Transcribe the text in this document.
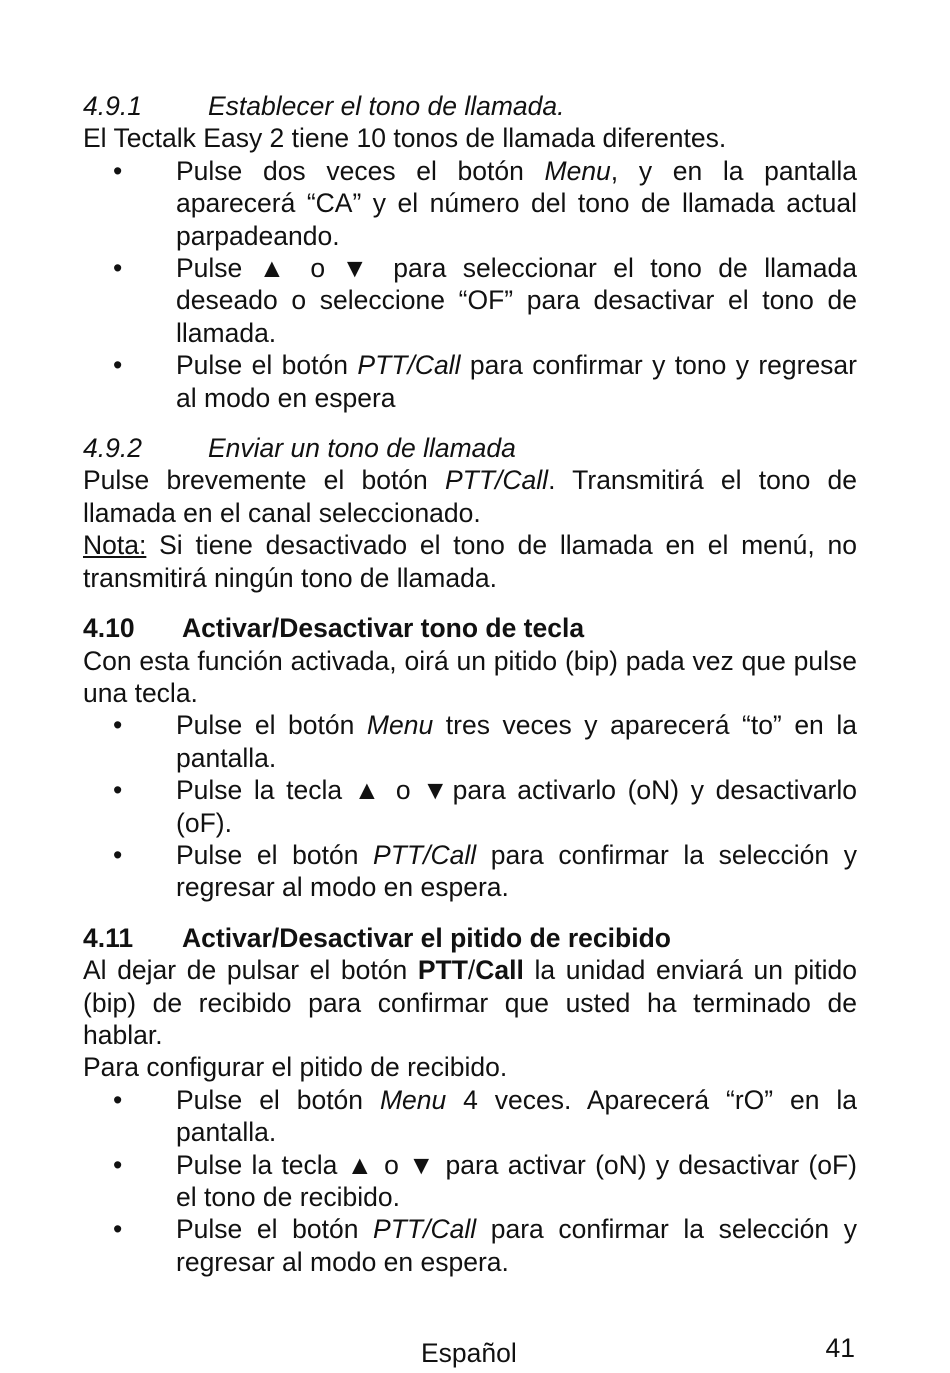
4.9.1	Establecer el tono de llamada.
El Tectalk Easy 2 tiene 10 tonos de llamada diferentes.
• Pulse dos veces el botón Menu, y en la pantalla aparecerá “CA” y el número del tono de llamada actual parpadeando.
• Pulse ▲ o ▼ para seleccionar el tono de llamada deseado o seleccione “OF” para desactivar el tono de llamada.
• Pulse el botón PTT/Call para confirmar y tono y regresar al modo en espera
4.9.2	Enviar un tono de llamada
Pulse brevemente el botón PTT/Call. Transmitirá el tono de llamada en el canal seleccionado.
Nota: Si tiene desactivado el tono de llamada en el menú, no transmitirá ningún tono de llamada.
4.10	Activar/Desactivar tono de tecla
Con esta función activada, oirá un pitido (bip) pada vez que pulse una tecla.
• Pulse el botón Menu tres veces y aparecerá “to” en la pantalla.
• Pulse la tecla ▲ o ▼para activarlo (oN) y desactivarlo (oF).
• Pulse el botón PTT/Call para confirmar la selección y regresar al modo en espera.
4.11	Activar/Desactivar el pitido de recibido
Al dejar de pulsar el botón PTT/Call la unidad enviará un pitido (bip) de recibido para confirmar que usted ha terminado de hablar.
Para configurar el pitido de recibido.
• Pulse el botón Menu 4 veces. Aparecerá “rO” en la pantalla.
• Pulse la tecla ▲ o ▼ para activar (oN) y desactivar (oF) el tono de recibido.
• Pulse el botón PTT/Call para confirmar la selección y regresar al modo en espera.
Español	41
